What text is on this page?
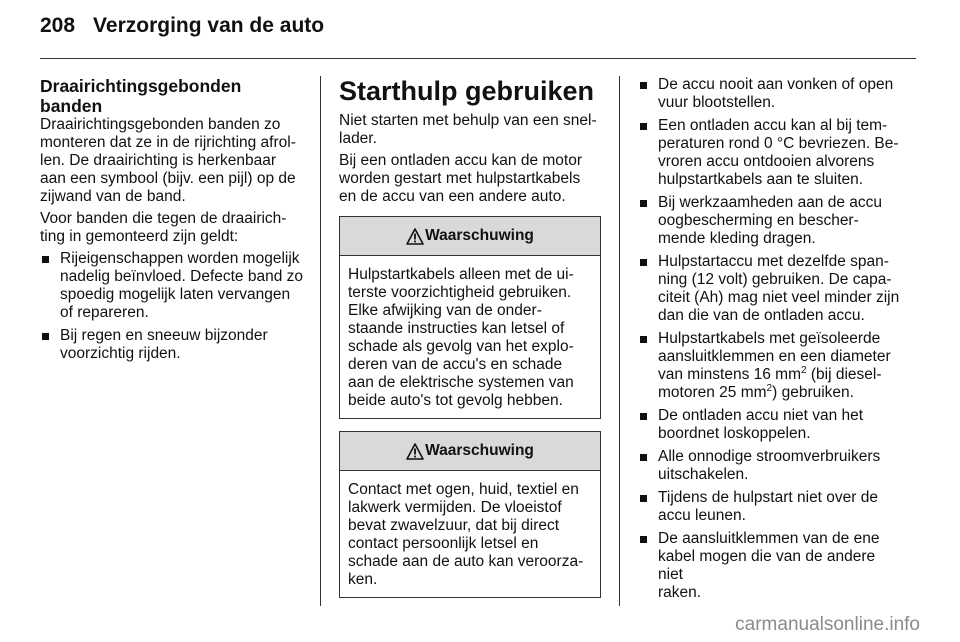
208 Verzorging van de auto
Draairichtingsgebonden
banden

Draairichtingsgebonden banden zo
monteren dat ze in de rijrichting afrol-
len. De draairichting is herkenbaar
aan een symbool (bijv. een pijl) op de
zijwand van de band.

Voor banden die tegen de draairich-
ting in gemonteerd zijn geldt:

Rijeigenschappen worden mogelijk
nadelig beïnvloed. Defecte band zo
spoedig mogelijk laten vervangen
of repareren.
Bij regen en sneeuw bijzonder
voorzichtig rijden.
Starthulp gebruiken

Niet starten met behulp van een snel-
lader.

Bij een ontladen accu kan de motor
worden gestart met hulpstartkabels
en de accu van een andere auto.

Waarschuwing
Hulpstartkabels alleen met de ui-
terste voorzichtigheid gebruiken.
Elke afwijking van de onder-
staande instructies kan letsel of
schade als gevolg van het explo-
deren van de accu's en schade
aan de elektrische systemen van
beide auto's tot gevolg hebben.
Waarschuwing
Contact met ogen, huid, textiel en
lakwerk vermijden. De vloeistof
bevat zwavelzuur, dat bij direct
contact persoonlijk letsel en
schade aan de auto kan veroorza-
ken.
De accu nooit aan vonken of open
vuur blootstellen.
Een ontladen accu kan al bij tem-
peraturen rond 0 °C bevriezen. Be-
vroren accu ontdooien alvorens
hulpstartkabels aan te sluiten.
Bij werkzaamheden aan de accu
oogbescherming en bescher-
mende kleding dragen.
Hulpstartaccu met dezelfde span-
ning (12 volt) gebruiken. De capa-
citeit (Ah) mag niet veel minder zijn
dan die van de ontladen accu.
Hulpstartkabels met geïsoleerde
aansluitklemmen en een diameter
van minstens 16 $mm^2$ (bij diesel-
motoren 25 $mm^2$) gebruiken.
De ontladen accu niet van het
boordnet loskoppelen.
Alle onnodige stroomverbruikers
uitschakelen.
Tijdens de hulpstart niet over de
accu leunen.
De aansluitklemmen van de ene
kabel mogen die van de andere niet
raken.
carmanualsonline.info
